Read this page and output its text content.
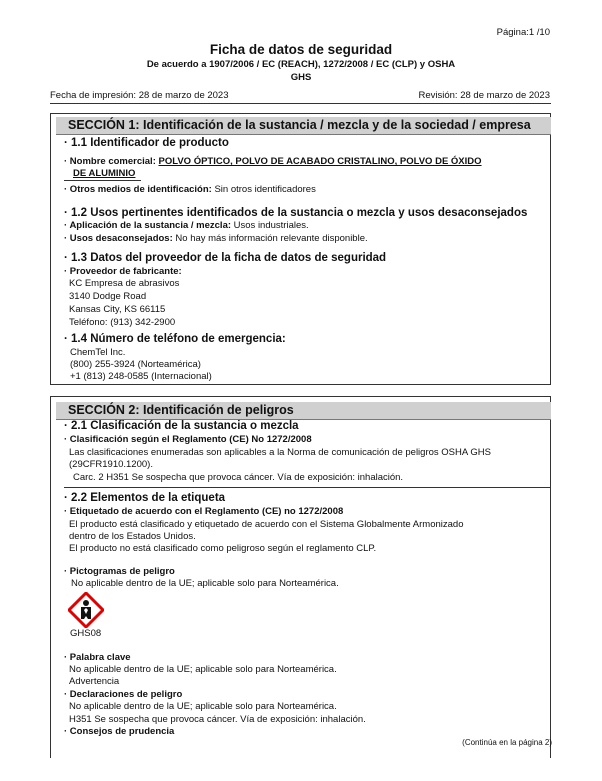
Página:1 /10
Ficha de datos de seguridad
De acuerdo a 1907/2006 / EC (REACH), 1272/2008 / EC (CLP) y OSHA
GHS
Fecha de impresión: 28 de marzo de 2023	Revisión: 28 de marzo de 2023
SECCIÓN 1: Identificación de la sustancia / mezcla y de la sociedad / empresa
· 1.1 Identificador de producto
· Nombre comercial: POLVO ÓPTICO, POLVO DE ACABADO CRISTALINO, POLVO DE ÓXIDO
DE ALUMINIO
· Otros medios de identificación: Sin otros identificadores
· 1.2 Usos pertinentes identificados de la sustancia o mezcla y usos desaconsejados
· Aplicación de la sustancia / mezcla: Usos industriales.
· Usos desaconsejados: No hay más información relevante disponible.
· 1.3 Datos del proveedor de la ficha de datos de seguridad
· Proveedor de fabricante:
KC Empresa de abrasivos
3140 Dodge Road
Kansas City, KS 66115
Teléfono: (913) 342-2900
· 1.4 Número de teléfono de emergencia:
ChemTel Inc.
(800) 255-3924 (Norteamérica)
+1 (813) 248-0585 (Internacional)
SECCIÓN 2: Identificación de peligros
· 2.1 Clasificación de la sustancia o mezcla
· Clasificación según el Reglamento (CE) No 1272/2008
Las clasificaciones enumeradas son aplicables a la Norma de comunicación de peligros OSHA GHS
(29CFR1910.1200).
Carc. 2 H351 Se sospecha que provoca cáncer. Vía de exposición: inhalación.
· 2.2 Elementos de la etiqueta
· Etiquetado de acuerdo con el Reglamento (CE) no 1272/2008
El producto está clasificado y etiquetado de acuerdo con el Sistema Globalmente Armonizado
dentro de los Estados Unidos.
El producto no está clasificado como peligroso según el reglamento CLP.
· Pictogramas de peligro
No aplicable dentro de la UE; aplicable solo para Norteamérica.
GHS08
· Palabra clave
No aplicable dentro de la UE; aplicable solo para Norteamérica.
Advertencia
· Declaraciones de peligro
No aplicable dentro de la UE; aplicable solo para Norteamérica.
H351 Se sospecha que provoca cáncer. Vía de exposición: inhalación.
· Consejos de prudencia
(Continúa en la página 2)
